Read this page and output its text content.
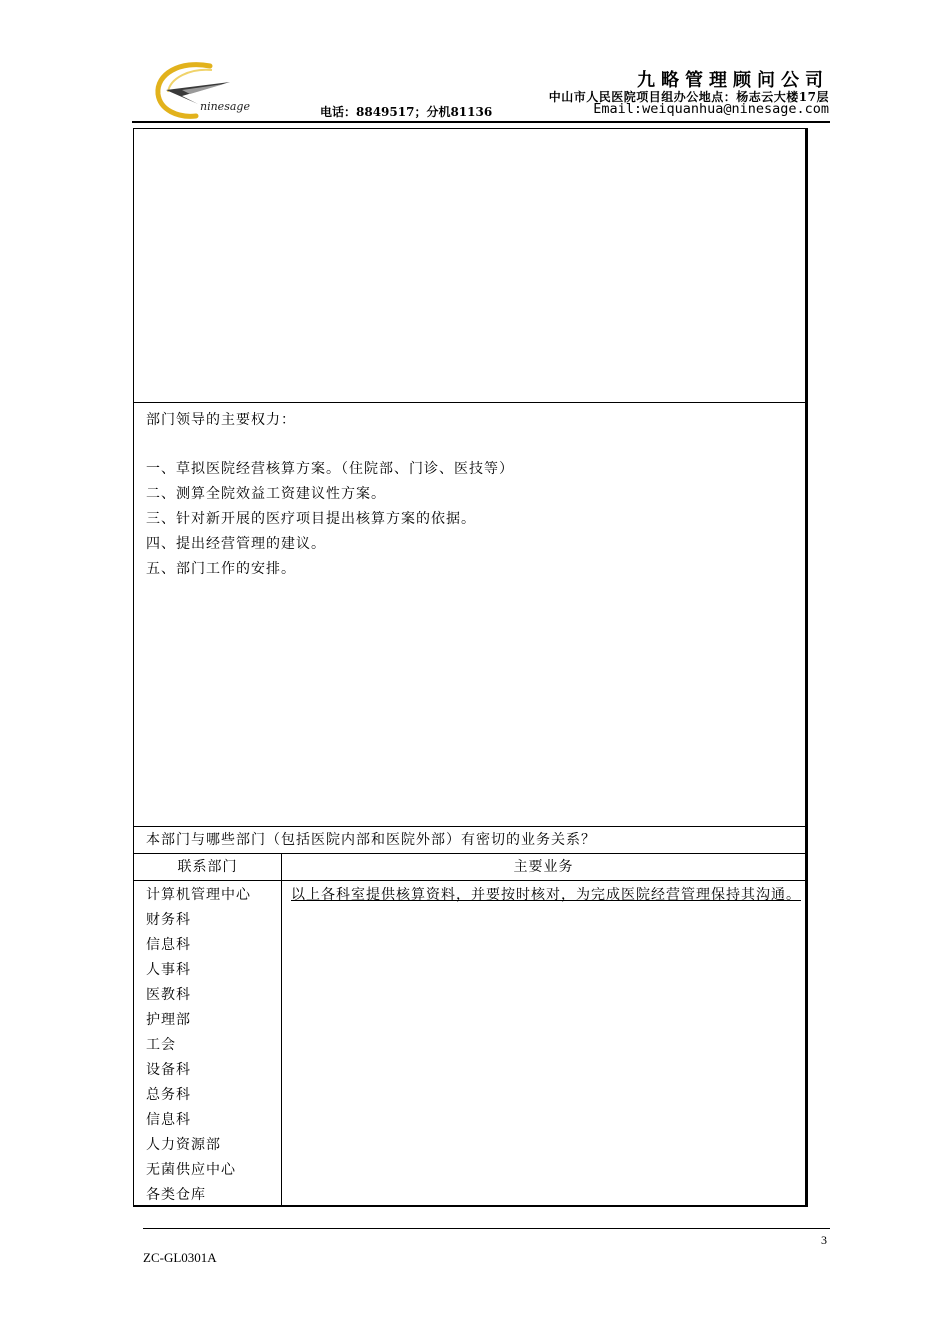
ninesage
九略管理顾问公司
中山市人民医院项目组办公地点：杨志云大楼17层
电话：8849517；分机81136	Email:weiquanhua@ninesage.com
部门领导的主要权力：
一、草拟医院经营核算方案。（住院部、门诊、医技等）
二、测算全院效益工资建议性方案。
三、针对新开展的医疗项目提出核算方案的依据。
四、提出经营管理的建议。
五、部门工作的安排。
本部门与哪些部门（包括医院内部和医院外部）有密切的业务关系？
联系部门	主要业务
计算机管理中心
财务科
信息科
人事科
医教科
护理部
工会
设备科
总务科
信息科
人力资源部
无菌供应中心
各类仓库
以上各科室提供核算资料，并要按时核对，为完成医院经营管理保持其沟通。
3
ZC-GL0301A
